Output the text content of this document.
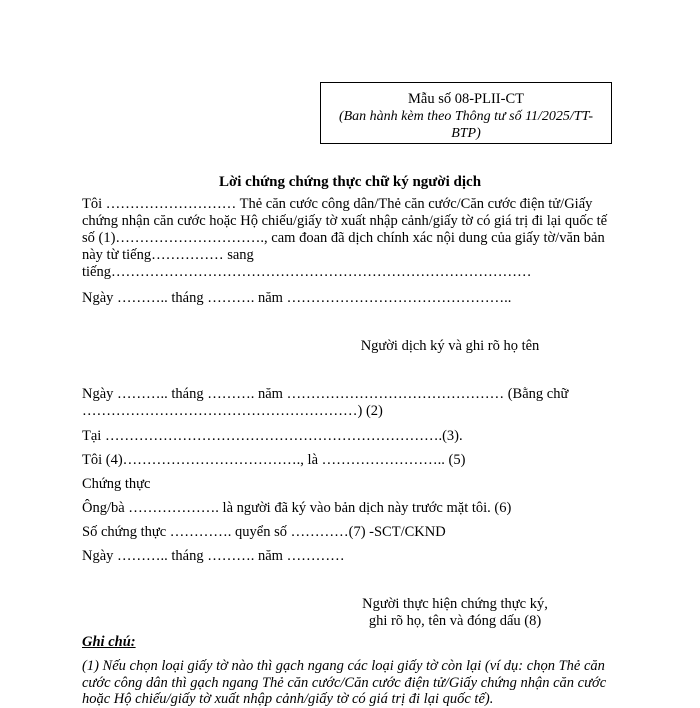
Mẫu số 08-PLII-CT
(Ban hành kèm theo Thông tư số 11/2025/TT-BTP)
Lời chứng chứng thực chữ ký người dịch
Tôi ……………………… Thẻ căn cước công dân/Thẻ căn cước/Căn cước điện tử/Giấy chứng nhận căn cước hoặc Hộ chiếu/giấy tờ xuất nhập cảnh/giấy tờ có giá trị đi lại quốc tế số (1)…………………………., cam đoan đã dịch chính xác nội dung của giấy tờ/văn bản này từ tiếng…………… sang tiếng……………………………………………………………………………
Ngày ……….. tháng ………. năm ………………………………………..
Người dịch ký và ghi rõ họ tên
Ngày ……….. tháng ………. năm ……………………………………… (Bằng chữ …………………………………………………) (2)
Tại …………………………………………………………….(3).
Tôi (4)………………………………., là …………………….. (5)
Chứng thực
Ông/bà ………………. là người đã ký vào bản dịch này trước mặt tôi. (6)
Số chứng thực …………. quyển số …………(7) -SCT/CKND
Ngày ……….. tháng ………. năm …………
Người thực hiện chứng thực ký,
ghi rõ họ, tên và đóng dấu (8)
Ghi chú:
(1) Nếu chọn loại giấy tờ nào thì gạch ngang các loại giấy tờ còn lại (ví dụ: chọn Thẻ căn cước công dân thì gạch ngang Thẻ căn cước/Căn cước điện tử/Giấy chứng nhận căn cước hoặc Hộ chiếu/giấy tờ xuất nhập cảnh/giấy tờ có giá trị đi lại quốc tế).
